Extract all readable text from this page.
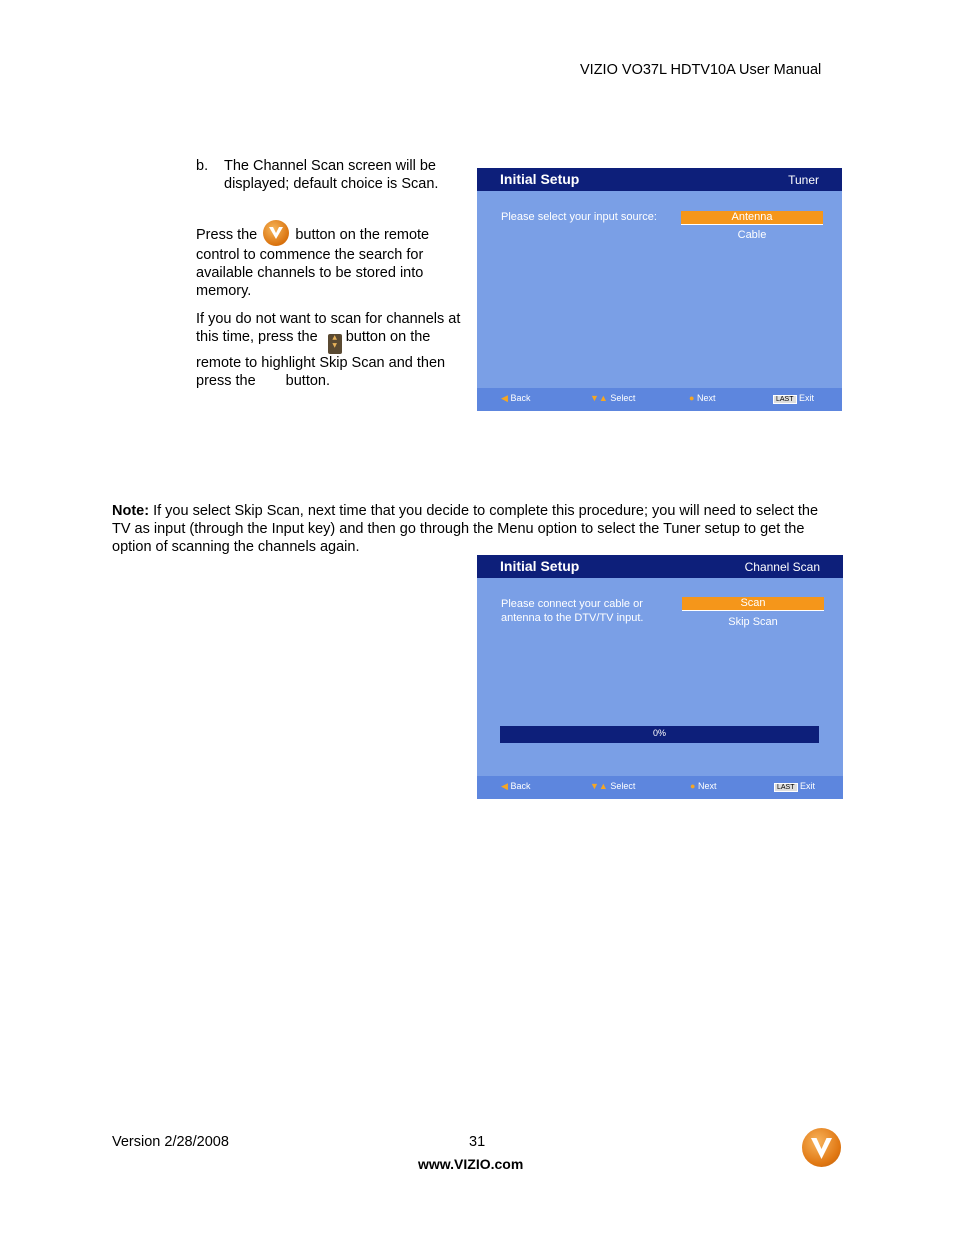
VIZIO VO37L HDTV10A User Manual
b. The Channel Scan screen will be displayed; default choice is Scan.
Press the	button on the remote control to commence the search for available channels to be stored into memory.
If you do not want to scan for channels at this time, press the ▲
▼ button on the remote to highlight Skip Scan and then press the button.
Initial Setup	Tuner
Please select your input source:	Antenna
Cable
◀ Back	▼▲ Select	● Next	LAST Exit
Note: If you select Skip Scan, next time that you decide to complete this procedure; you will need to select the TV as input (through the Input key) and then go through the Menu option to select the Tuner setup to get the option of scanning the channels again.
Initial Setup	Channel Scan
Please connect your cable or
antenna to the DTV/TV input.
Scan
Skip Scan
0%
◀ Back	▼▲ Select	● Next	LAST Exit
Version 2/28/2008	31
www.VIZIO.com
